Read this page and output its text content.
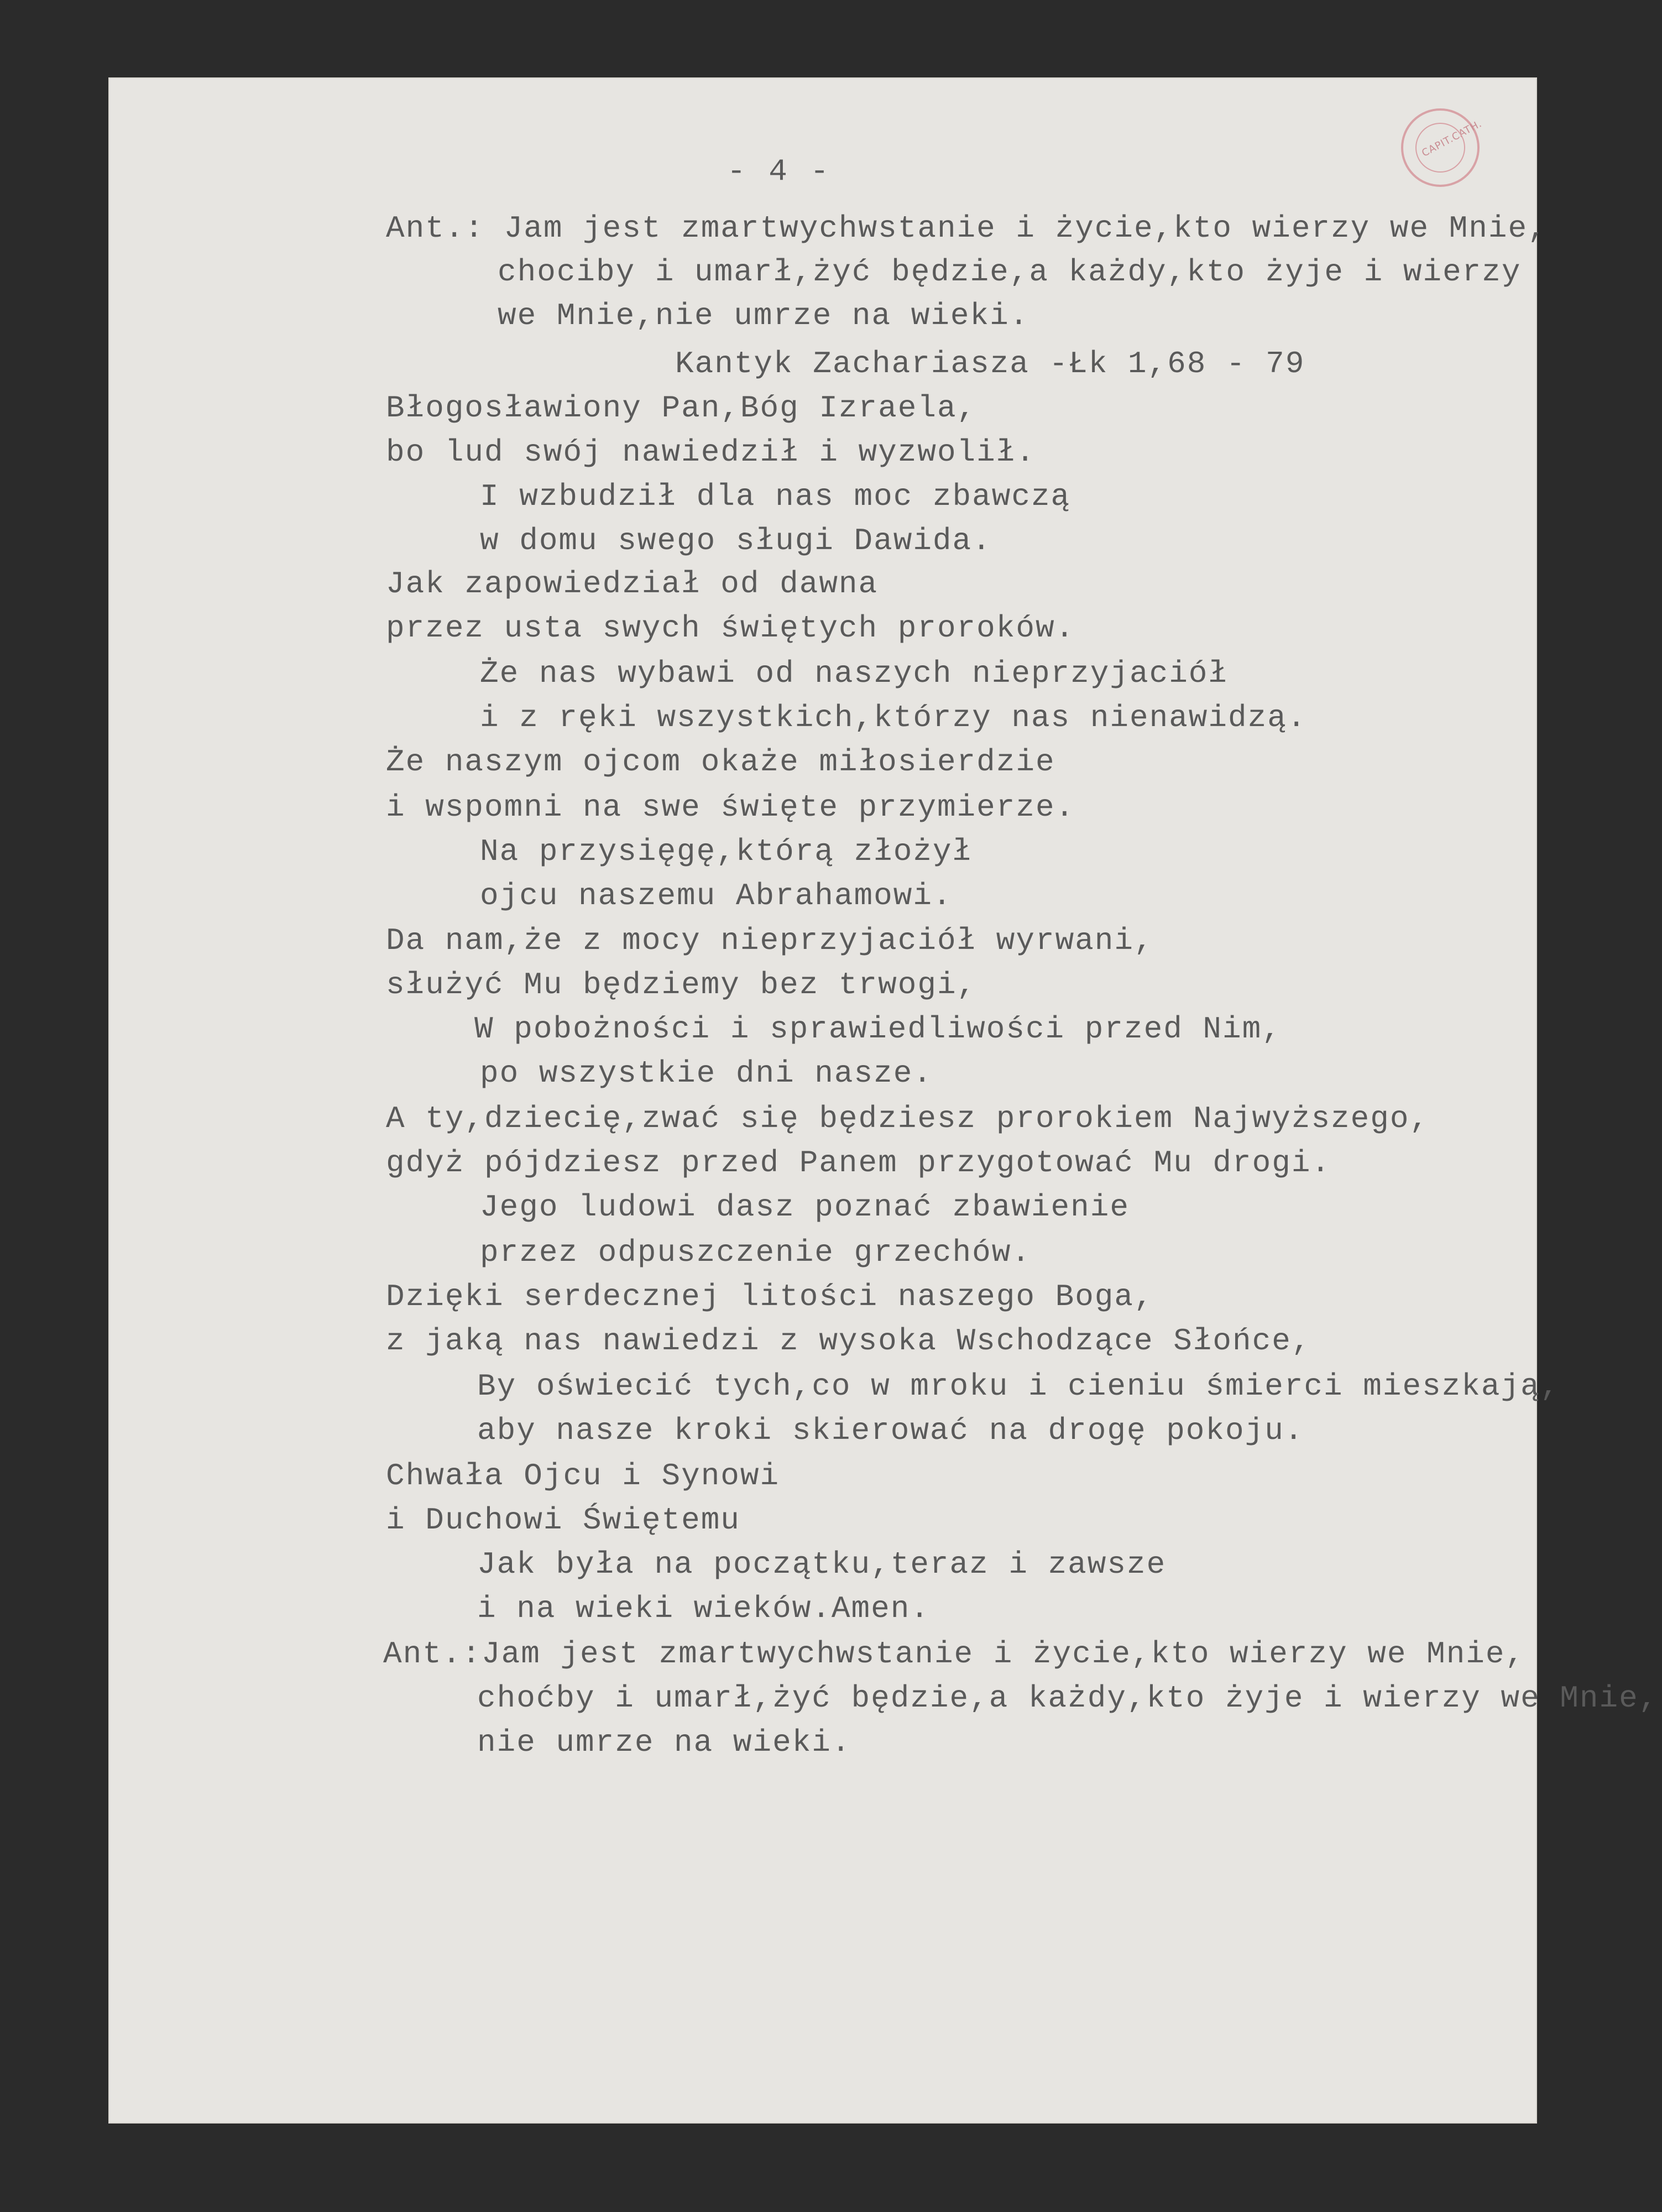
- 4 -
CAPIT.CATH.
Ant.: Jam jest zmartwychwstanie i życie,kto wierzy we Mnie,
chociby i umarł,żyć będzie,a każdy,kto żyje i wierzy
we Mnie,nie umrze na wieki.
Kantyk Zachariasza -Łk 1,68 - 79
Błogosławiony Pan,Bóg Izraela,
bo lud swój nawiedził i wyzwolił.
I wzbudził dla nas moc zbawczą
w domu swego sługi Dawida.
Jak zapowiedział od dawna
przez usta swych świętych proroków.
Że nas wybawi od naszych nieprzyjaciół
i z ręki wszystkich,którzy nas nienawidzą.
Że naszym ojcom okaże miłosierdzie
i wspomni na swe święte przymierze.
Na przysięgę,którą złożył
ojcu naszemu Abrahamowi.
Da nam,że z mocy nieprzyjaciół wyrwani,
służyć Mu będziemy bez trwogi,
W pobożności i sprawiedliwości przed Nim,
po wszystkie dni nasze.
A ty,dziecię,zwać się będziesz prorokiem Najwyższego,
gdyż pójdziesz przed Panem przygotować Mu drogi.
Jego ludowi dasz poznać zbawienie
przez odpuszczenie grzechów.
Dzięki serdecznej litości naszego Boga,
z jaką nas nawiedzi z wysoka Wschodzące Słońce,
By oświecić tych,co w mroku i cieniu śmierci mieszkają,
aby nasze kroki skierować na drogę pokoju.
Chwała Ojcu i Synowi
i Duchowi Świętemu
Jak była na początku,teraz i zawsze
i na wieki wieków.Amen.
Ant.:Jam jest zmartwychwstanie i życie,kto wierzy we Mnie,
choćby i umarł,żyć będzie,a każdy,kto żyje i wierzy we Mnie,
nie umrze na wieki.
